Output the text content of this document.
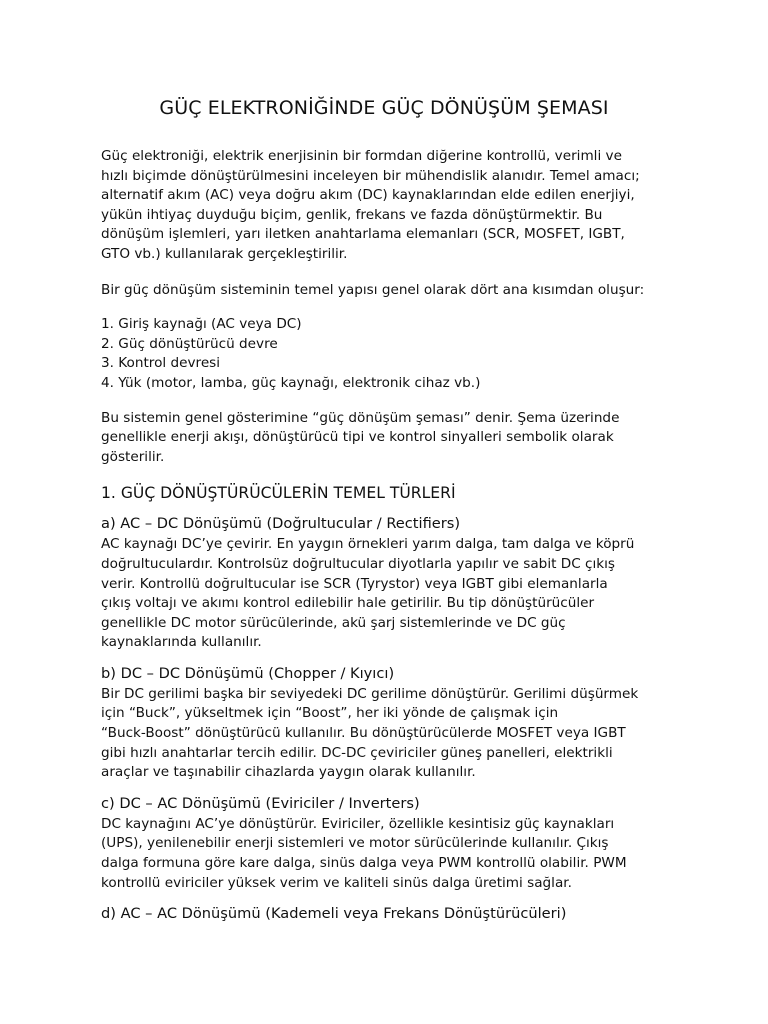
GÜÇ ELEKTRONİĞİNDE GÜÇ DÖNÜŞÜM ŞEMASI

Güç elektroniği, elektrik enerjisinin bir formdan diğerine kontrollü, verimli ve
hızlı biçimde dönüştürülmesini inceleyen bir mühendislik alanıdır. Temel amacı;
alternatif akım (AC) veya doğru akım (DC) kaynaklarından elde edilen enerjiyi,
yükün ihtiyaç duyduğu biçim, genlik, frekans ve fazda dönüştürmektir. Bu
dönüşüm işlemleri, yarı iletken anahtarlama elemanları (SCR, MOSFET, IGBT,
GTO vb.) kullanılarak gerçekleştirilir.

Bir güç dönüşüm sisteminin temel yapısı genel olarak dört ana kısımdan oluşur:

1. Giriş kaynağı (AC veya DC)
2. Güç dönüştürücü devre
3. Kontrol devresi
4. Yük (motor, lamba, güç kaynağı, elektronik cihaz vb.)

Bu sistemin genel gösterimine “güç dönüşüm şeması” denir. Şema üzerinde
genellikle enerji akışı, dönüştürücü tipi ve kontrol sinyalleri sembolik olarak
gösterilir.

1. GÜÇ DÖNÜŞTÜRÜCÜLERİN TEMEL TÜRLERİ
a) AC – DC Dönüşümü (Doğrultucular / Rectifiers)

AC kaynağı DC’ye çevirir. En yaygın örnekleri yarım dalga, tam dalga ve köprü
doğrultuculardır. Kontrolsüz doğrultucular diyotlarla yapılır ve sabit DC çıkış
verir. Kontrollü doğrultucular ise SCR (Tyrystor) veya IGBT gibi elemanlarla
çıkış voltajı ve akımı kontrol edilebilir hale getirilir. Bu tip dönüştürücüler
genellikle DC motor sürücülerinde, akü şarj sistemlerinde ve DC güç
kaynaklarında kullanılır.

b) DC – DC Dönüşümü (Chopper / Kıyıcı)

Bir DC gerilimi başka bir seviyedeki DC gerilime dönüştürür. Gerilimi düşürmek
için “Buck”, yükseltmek için “Boost”, her iki yönde de çalışmak için
“Buck-Boost” dönüştürücü kullanılır. Bu dönüştürücülerde MOSFET veya IGBT
gibi hızlı anahtarlar tercih edilir. DC-DC çeviriciler güneş panelleri, elektrikli
araçlar ve taşınabilir cihazlarda yaygın olarak kullanılır.

c) DC – AC Dönüşümü (Eviriciler / Inverters)

DC kaynağını AC’ye dönüştürür. Eviriciler, özellikle kesintisiz güç kaynakları
(UPS), yenilenebilir enerji sistemleri ve motor sürücülerinde kullanılır. Çıkış
dalga formuna göre kare dalga, sinüs dalga veya PWM kontrollü olabilir. PWM
kontrollü eviriciler yüksek verim ve kaliteli sinüs dalga üretimi sağlar.

d) AC – AC Dönüşümü (Kademeli veya Frekans Dönüştürücüleri)
